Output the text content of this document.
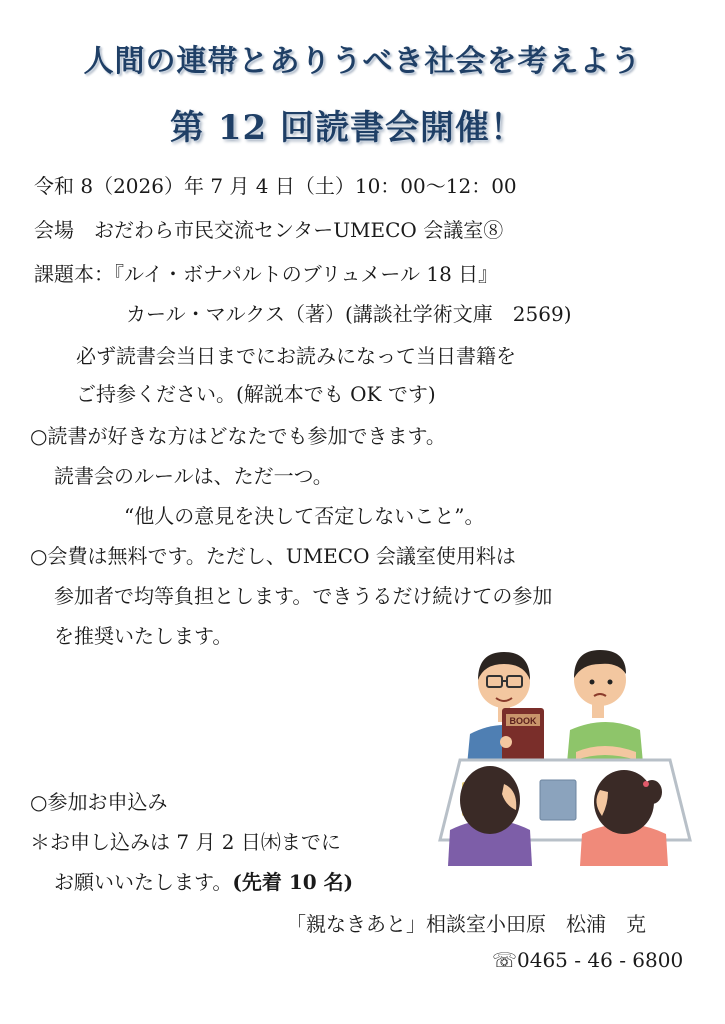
人間の連帯とありうべき社会を考えよう
第 12 回読書会開催！
令和 8（2026）年 7 月 4 日（土）10：00〜12：00
会場　おだわら市民交流センターUMECO 会議室⑧
課題本：『ルイ・ボナパルトのブリュメール 18 日』
カール・マルクス（著）(講談社学術文庫　2569)
必ず読書会当日までにお読みになって当日書籍を
ご持参ください。(解説本でも OK です)
○読書が好きな方はどなたでも参加できます。
読書会のルールは、ただ一つ。
“他人の意見を決して否定しないこと”。
○会費は無料です。ただし、UMECO 会議室使用料は
参加者で均等負担とします。できうるだけ続けての参加
を推奨いたします。
○参加お申込み
＊お申し込みは 7 月 2 日㈭までに
お願いいたします。(先着 10 名)
「親なきあと」相談室小田原　松浦　克
☏0465 - 46 - 6800
BOOK
